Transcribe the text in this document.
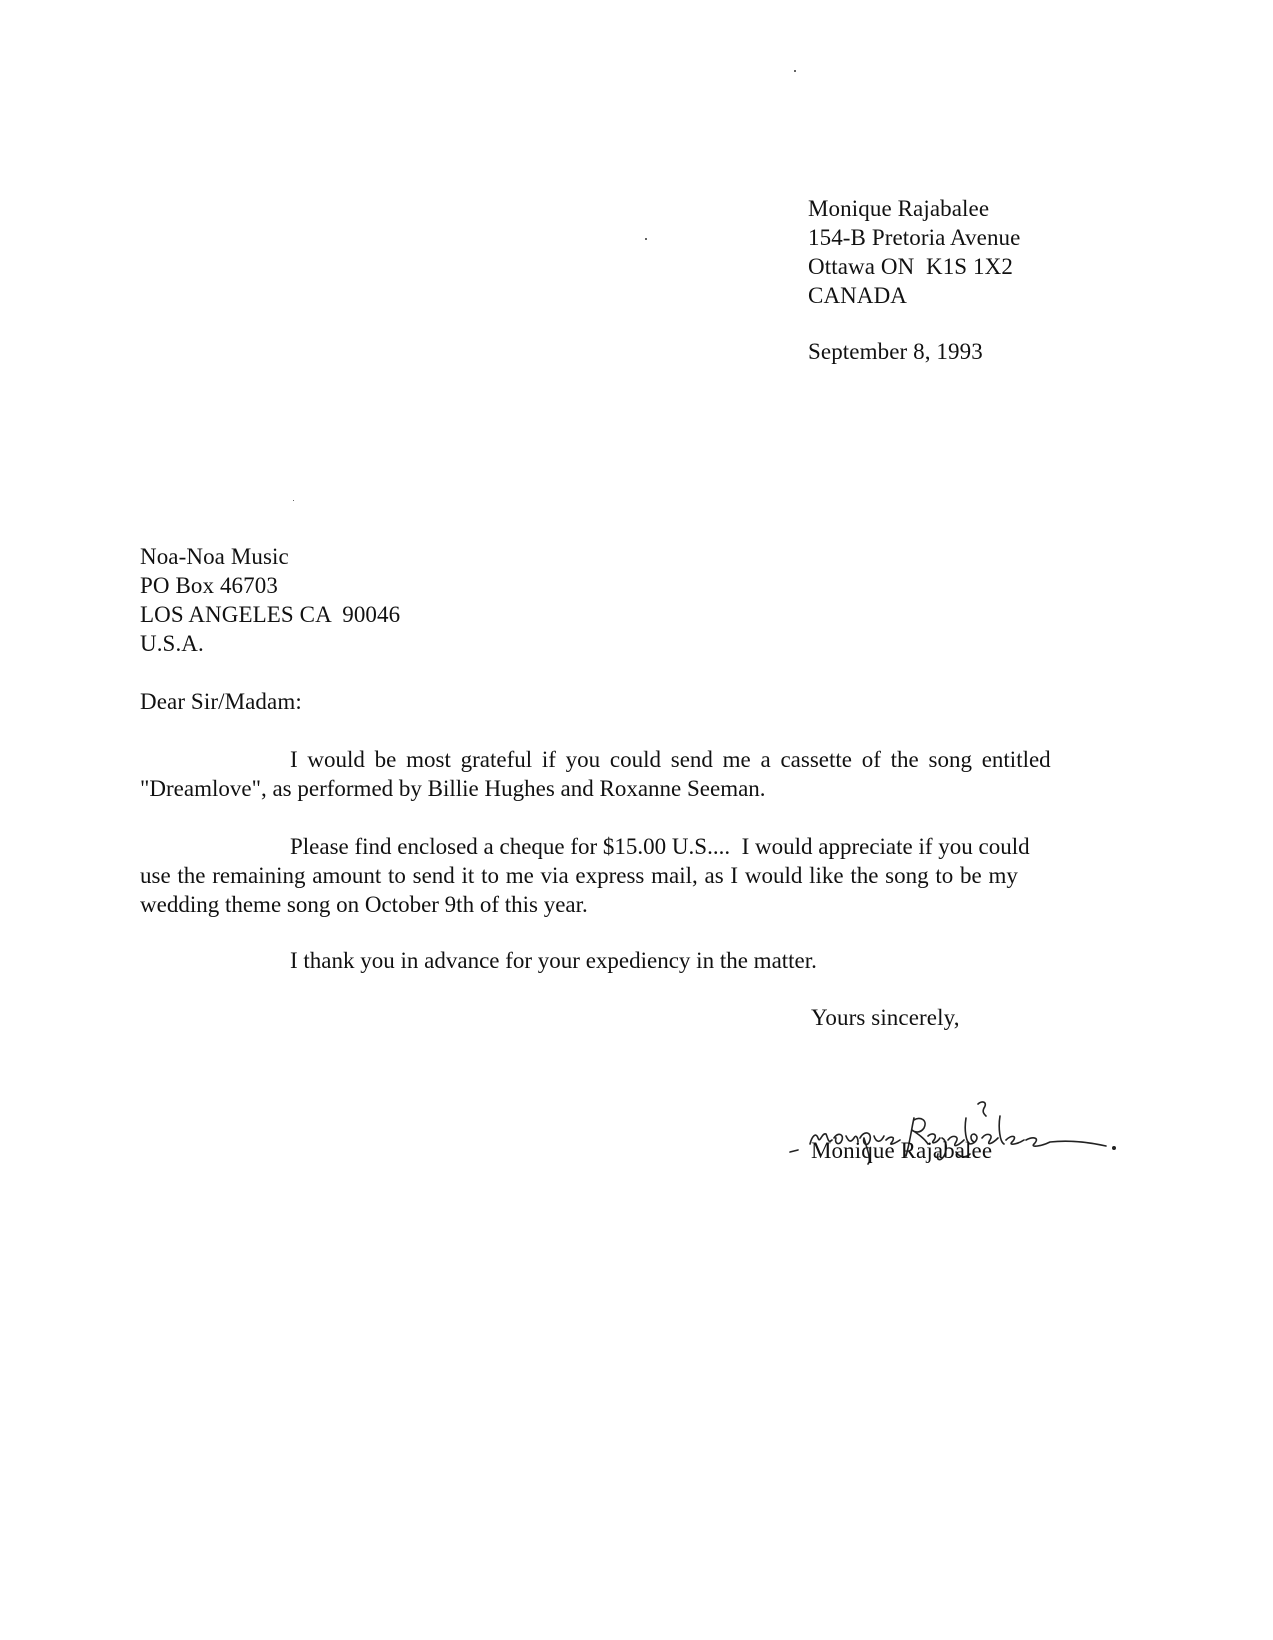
Monique Rajabalee
154-B Pretoria Avenue
Ottawa ON  K1S 1X2
CANADA
September 8, 1993
Noa-Noa Music
PO Box 46703
LOS ANGELES CA  90046
U.S.A.
Dear Sir/Madam:
I would be most grateful if you could send me a cassette of the song entitled
"Dreamlove", as performed by Billie Hughes and Roxanne Seeman.
Please find enclosed a cheque for $15.00 U.S....  I would appreciate if you could
use the remaining amount to send it to me via express mail, as I would like the song to be my
wedding theme song on October 9th of this year.
I thank you in advance for your expediency in the matter.
Yours sincerely,
Monique Rajabalee
